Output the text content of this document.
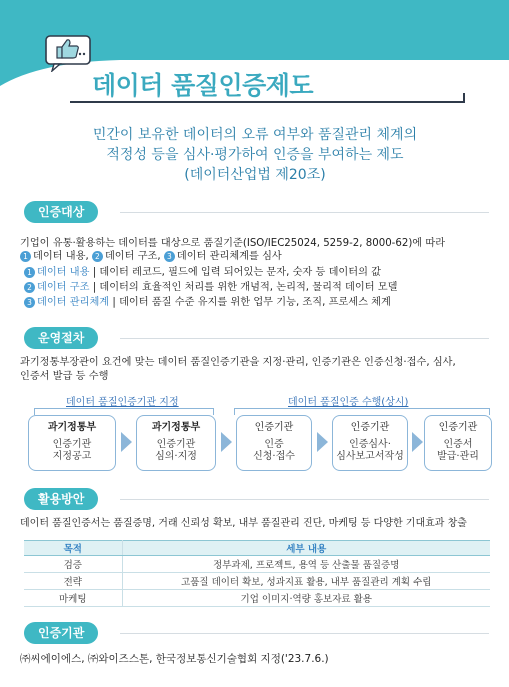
데이터 품질인증제도
민간이 보유한 데이터의 오류 여부와 품질관리 체계의
적정성 등을 심사·평가하여 인증을 부여하는 제도
(데이터산업법 제20조)
인증대상
기업이 유통·활용하는 데이터를 대상으로 품질기준(ISO/IEC25024, 5259-2, 8000-62)에 따라
1 데이터 내용, 2 데이터 구조, 3 데이터 관리체계를 심사
1 데이터 내용 | 데이터 레코드, 필드에 입력 되어있는 문자, 숫자 등 데이터의 값
2 데이터 구조 | 데이터의 효율적인 처리를 위한 개념적, 논리적, 물리적 데이터 모델
3 데이터 관리체계 | 데이터 품질 수준 유지를 위한 업무 기능, 조직, 프로세스 체계
운영절차
과기정통부장관이 요건에 맞는 데이터 품질인증기관을 지정·관리, 인증기관은 인증신청·접수, 심사,
인증서 발급 등 수행
데이터 품질인증기관 지정	데이터 품질인증 수행(상시)
과기정통부
인증기관
지정공고
과기정통부
인증기관
심의·지정
인증기관
인증
신청·접수
인증기관
인증심사·
심사보고서작성
인증기관
인증서
발급·관리
활용방안
데이터 품질인증서는 품질증명, 거래 신뢰성 확보, 내부 품질관리 진단, 마케팅 등 다양한 기대효과 창출
목적	세부 내용
검증	정부과제, 프로젝트, 용역 등 산출물 품질증명
전략	고품질 데이터 확보, 성과지표 활용, 내부 품질관리 계획 수립
마케팅	기업 이미지·역량 홍보자료 활용
인증기관
㈜씨에이에스, ㈜와이즈스톤, 한국정보통신기술협회 지정('23.7.6.)
